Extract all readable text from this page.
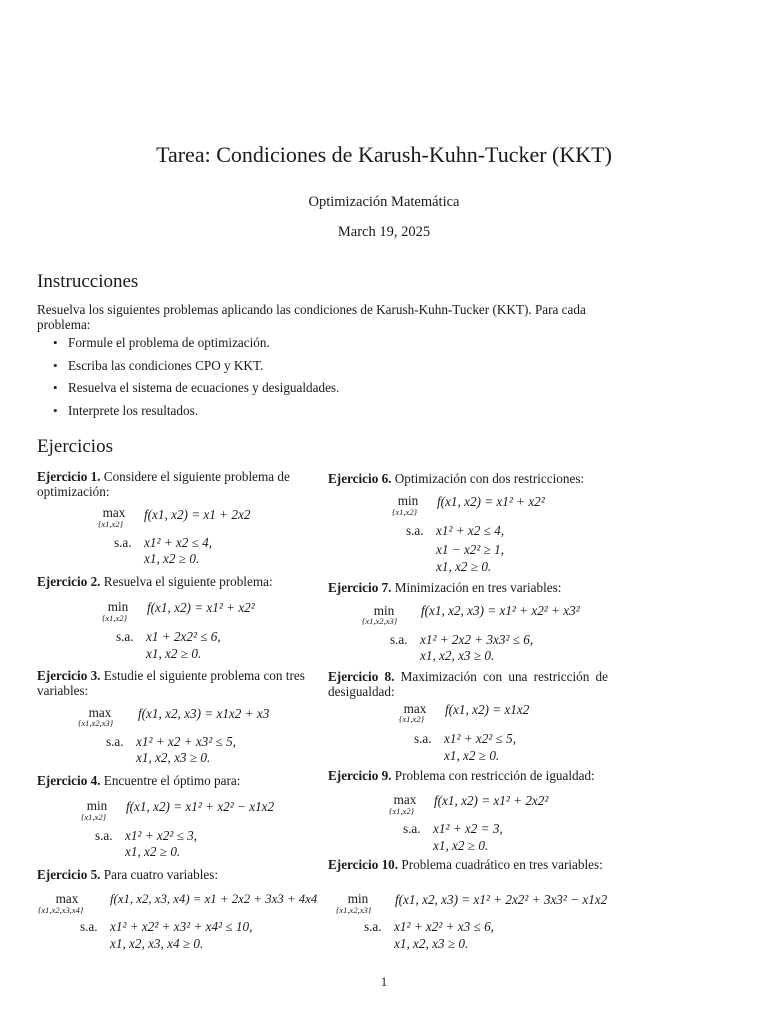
Tarea: Condiciones de Karush-Kuhn-Tucker (KKT)
Optimización Matemática
March 19, 2025
Instrucciones
Resuelva los siguientes problemas aplicando las condiciones de Karush-Kuhn-Tucker (KKT). Para cada problema:
• Formule el problema de optimización.
• Escriba las condiciones CPO y KKT.
• Resuelva el sistema de ecuaciones y desigualdades.
• Interprete los resultados.
Ejercicios
Ejercicio 1. Considere el siguiente problema de optimización:
max
{x1,x2}
f(x1, x2) = x1 + 2x2
s.a. x1² + x2 ≤ 4,
x1, x2 ≥ 0.
Ejercicio 2. Resuelva el siguiente problema:
min
{x1,x2}
f(x1, x2) = x1² + x2²
s.a. x1 + 2x2² ≤ 6,
x1, x2 ≥ 0.
Ejercicio 3. Estudie el siguiente problema con tres variables:
max
{x1,x2,x3}
f(x1, x2, x3) = x1x2 + x3
s.a. x1² + x2 + x3² ≤ 5,
x1, x2, x3 ≥ 0.
Ejercicio 4. Encuentre el óptimo para:
min
{x1,x2}
f(x1, x2) = x1² + x2² − x1x2
s.a. x1² + x2² ≤ 3,
x1, x2 ≥ 0.
Ejercicio 5. Para cuatro variables:
max
{x1,x2,x3,x4}
f(x1, x2, x3, x4) = x1 + 2x2 + 3x3 + 4x4
s.a. x1² + x2² + x3² + x4² ≤ 10,
x1, x2, x3, x4 ≥ 0.
Ejercicio 6. Optimización con dos restricciones:
min
{x1,x2}
f(x1, x2) = x1² + x2²
s.a. x1² + x2 ≤ 4,
x1 − x2² ≥ 1,
x1, x2 ≥ 0.
Ejercicio 7. Minimización en tres variables:
min
{x1,x2,x3}
f(x1, x2, x3) = x1² + x2² + x3²
s.a. x1² + 2x2 + 3x3² ≤ 6,
x1, x2, x3 ≥ 0.
Ejercicio 8. Maximización con una restricción de desigualdad:
max
{x1,x2}
f(x1, x2) = x1x2
s.a. x1² + x2² ≤ 5,
x1, x2 ≥ 0.
Ejercicio 9. Problema con restricción de igualdad:
max
{x1,x2}
f(x1, x2) = x1² + 2x2²
s.a. x1² + x2 = 3,
x1, x2 ≥ 0.
Ejercicio 10. Problema cuadrático en tres variables:
min
{x1,x2,x3}
f(x1, x2, x3) = x1² + 2x2² + 3x3² − x1x2
s.a. x1² + x2² + x3 ≤ 6,
x1, x2, x3 ≥ 0.
1
